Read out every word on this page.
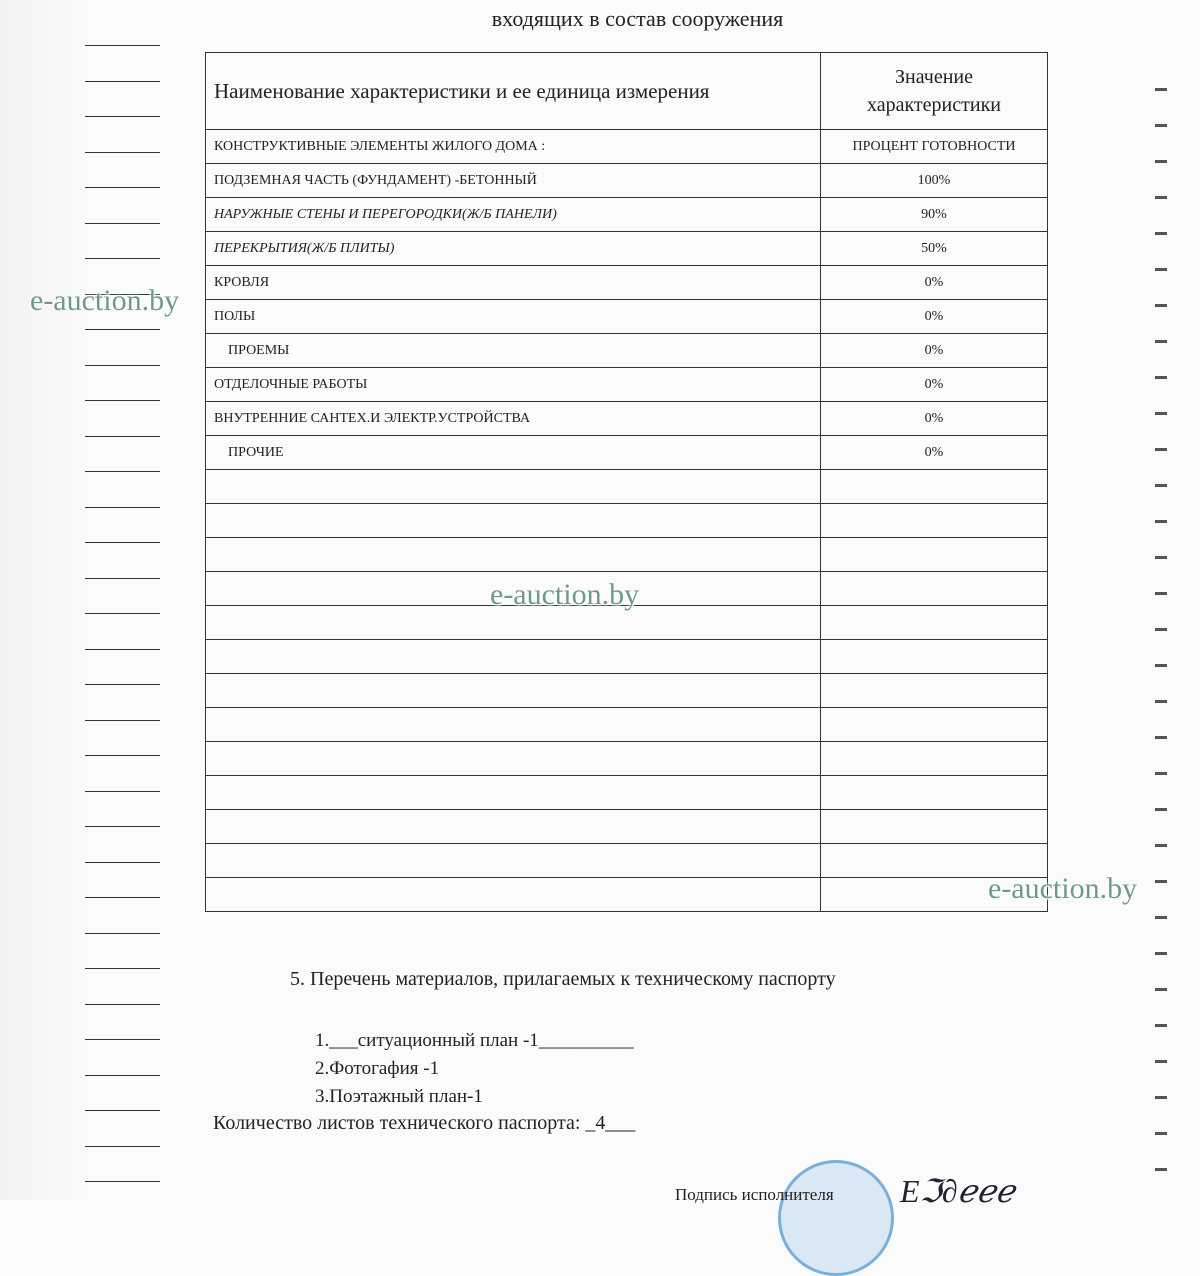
входящих в состав сооружения
Наименование характеристики и ее единица измерения	Значение характеристики
КОНСТРУКТИВНЫЕ ЭЛЕМЕНТЫ ЖИЛОГО ДОМА :	ПРОЦЕНТ ГОТОВНОСТИ
ПОДЗЕМНАЯ ЧАСТЬ (ФУНДАМЕНТ) -БЕТОННЫЙ	100%
НАРУЖНЫЕ СТЕНЫ И ПЕРЕГОРОДКИ(Ж/Б ПАНЕЛИ)	90%
ПЕРЕКРЫТИЯ(Ж/Б ПЛИТЫ)	50%
КРОВЛЯ	0%
ПОЛЫ	0%
ПРОЕМЫ	0%
ОТДЕЛОЧНЫЕ РАБОТЫ	0%
ВНУТРЕННИЕ САНТЕХ.И ЭЛЕКТР.УСТРОЙСТВА	0%
ПРОЧИЕ	0%

5. Перечень материалов, прилагаемых к техническому паспорту
1.___ситуационный план -1__________
2.Фотогафия -1
3.Поэтажный план-1
Количество листов технического паспорта: _4___
Подпись исполнителя Eℑ∂ℯℯℯ
e-auction.by
e-auction.by
e-auction.by
